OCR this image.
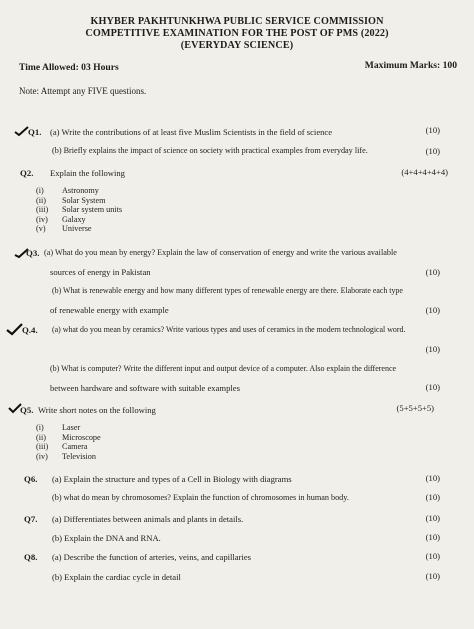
KHYBER PAKHTUNKHWA PUBLIC SERVICE COMMISSION
COMPETITIVE EXAMINATION FOR THE POST OF PMS (2022)
(EVERYDAY SCIENCE)
Time Allowed: 03 Hours	Maximum Marks: 100
Note: Attempt any FIVE questions.
Q1. (a) Write the contributions of at least five Muslim Scientists in the field of science	(10)
(b) Briefly explains the impact of science on society with practical examples from everyday life.	(10)
Q2. Explain the following	(4+4+4+4+4)
(i) Astronomy
(ii) Solar System
(iii) Solar system units
(iv) Galaxy
(v) Universe
Q3. (a) What do you mean by energy? Explain the law of conservation of energy and write the various available
sources of energy in Pakistan	(10)
(b) What is renewable energy and how many different types of renewable energy are there. Elaborate each type
of renewable energy with example	(10)
Q.4. (a) what do you mean by ceramics? Write various types and uses of ceramics in the modern technological word.
(10)
(b) What is computer? Write the different input and output device of a computer. Also explain the difference
between hardware and software with suitable examples	(10)
Q5. Write short notes on the following	(5+5+5+5)
(i) Laser
(ii) Microscope
(iii) Camera
(iv) Television
Q6. (a) Explain the structure and types of a Cell in Biology with diagrams	(10)
(b) what do mean by chromosomes? Explain the function of chromosomes in human body.	(10)
Q7. (a) Differentiates between animals and plants in details.	(10)
(b) Explain the DNA and RNA.	(10)
Q8. (a) Describe the function of arteries, veins, and capillaries	(10)
(b) Explain the cardiac cycle in detail	(10)
